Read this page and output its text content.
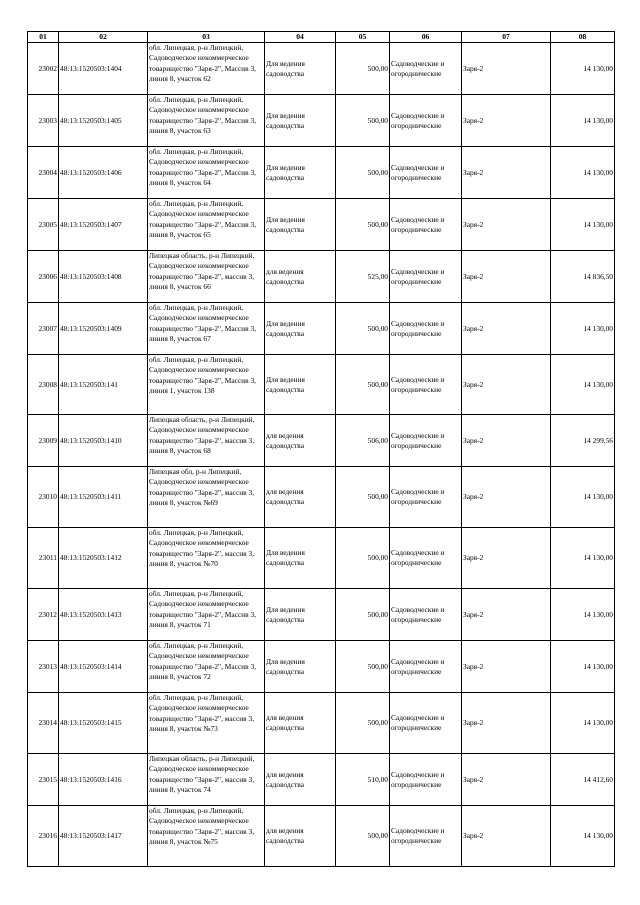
01	02	03	04	05	06	07	08
23002	48:13:1520503:1404	обл. Липецкая, р-н Липецкий, Садоводческое некоммерческое товарищество "Заря-2", Массив 3, линия 8, участок 62	Для ведения садоводства	500,00	Садоводческие и огороднические	Заря-2	14 130,00
23003	48:13:1520503:1405	обл. Липецкая, р-н Липецкий, Садоводческое некоммерческое товарищество "Заря-2", Массив 3, линия 8, участок 63	Для ведения садоводства	500,00	Садоводческие и огороднические	Заря-2	14 130,00
23004	48:13:1520503:1406	обл. Липецкая, р-н Липецкий, Садоводческое некоммерческое товарищество "Заря-2", Массив 3, линия 8, участок 64	Для ведения садоводства	500,00	Садоводческие и огороднические	Заря-2	14 130,00
23005	48:13:1520503:1407	обл. Липецкая, р-н Липецкий, Садоводческое некоммерческое товарищество "Заря-2", Массив 3, линия 8, участок 65	Для ведения садоводства	500,00	Садоводческие и огороднические	Заря-2	14 130,00
23006	48:13:1520503:1408	Липецкая область, р-н Липецкий, Садоводческое некоммерческое товарищество "Заря-2", массив 3, линия 8, участок 66	для ведения садоводства	525,00	Садоводческие и огороднические	Заря-2	14 836,50
23007	48:13:1520503:1409	обл. Липецкая, р-н Липецкий, Садоводческое некоммерческое товарищество "Заря-2", Массив 3, линия 8, участок 67	Для ведения садоводства	500,00	Садоводческие и огороднические	Заря-2	14 130,00
23008	48:13:1520503:141	обл. Липецкая, р-н Липецкий, Садоводческое некоммерческое товарищество "Заря-2", Массив 3, линия 1, участок 138	Для ведения садоводства	500,00	Садоводческие и огороднические	Заря-2	14 130,00
23009	48:13:1520503:1410	Липецкая область, р-н Липецкий, Садоводческое некоммерческое товарищество "Заря-2", массив 3, линия 8, участок 68	для ведения садоводства	506,00	Садоводческие и огороднические	Заря-2	14 299,56
23010	48:13:1520503:1411	Липецкая обл, р-н Липецкий, Садоводческое некоммерческое товарищество "Заря-2", массив 3, линия 8, участок №69	для ведения садоводства	500,00	Садоводческие и огороднические	Заря-2	14 130,00
23011	48:13:1520503:1412	обл. Липецкая, р-н Липецкий, Садоводческое некоммерческое товарищество "Заря-2", массив 3, линия 8, участок №70	Для ведения садоводства	500,00	Садоводческие и огороднические	Заря-2	14 130,00
23012	48:13:1520503:1413	обл. Липецкая, р-н Липецкий, Садоводческое некоммерческое товарищество "Заря-2", Массив 3, линия 8, участок 71	Для ведения садоводства	500,00	Садоводческие и огороднические	Заря-2	14 130,00
23013	48:13:1520503:1414	обл. Липецкая, р-н Липецкий, Садоводческое некоммерческое товарищество "Заря-2", Массив 3, линия 8, участок 72	Для ведения садоводства	500,00	Садоводческие и огороднические	Заря-2	14 130,00
23014	48:13:1520503:1415	обл. Липецкая, р-н Липецкий, Садоводческое некоммерческое товарищество "Заря-2", массив 3, линия 8, участок №73	для ведения садоводства	500,00	Садоводческие и огороднические	Заря-2	14 130,00
23015	48:13:1520503:1416	Липецкая область, р-н Липецкий, Садоводческое некоммерческое товарищество "Заря-2", массив 3, линия 8, участок 74	для ведения садоводства	510,00	Садоводческие и огороднические	Заря-2	14 412,60
23016	48:13:1520503:1417	обл. Липецкая, р-н Липецкий, Садоводческое некоммерческое товарищество "Заря-2", массив 3, линия 8, участок №75	для ведения садоводства	500,00	Садоводческие и огороднические	Заря-2	14 130,00
